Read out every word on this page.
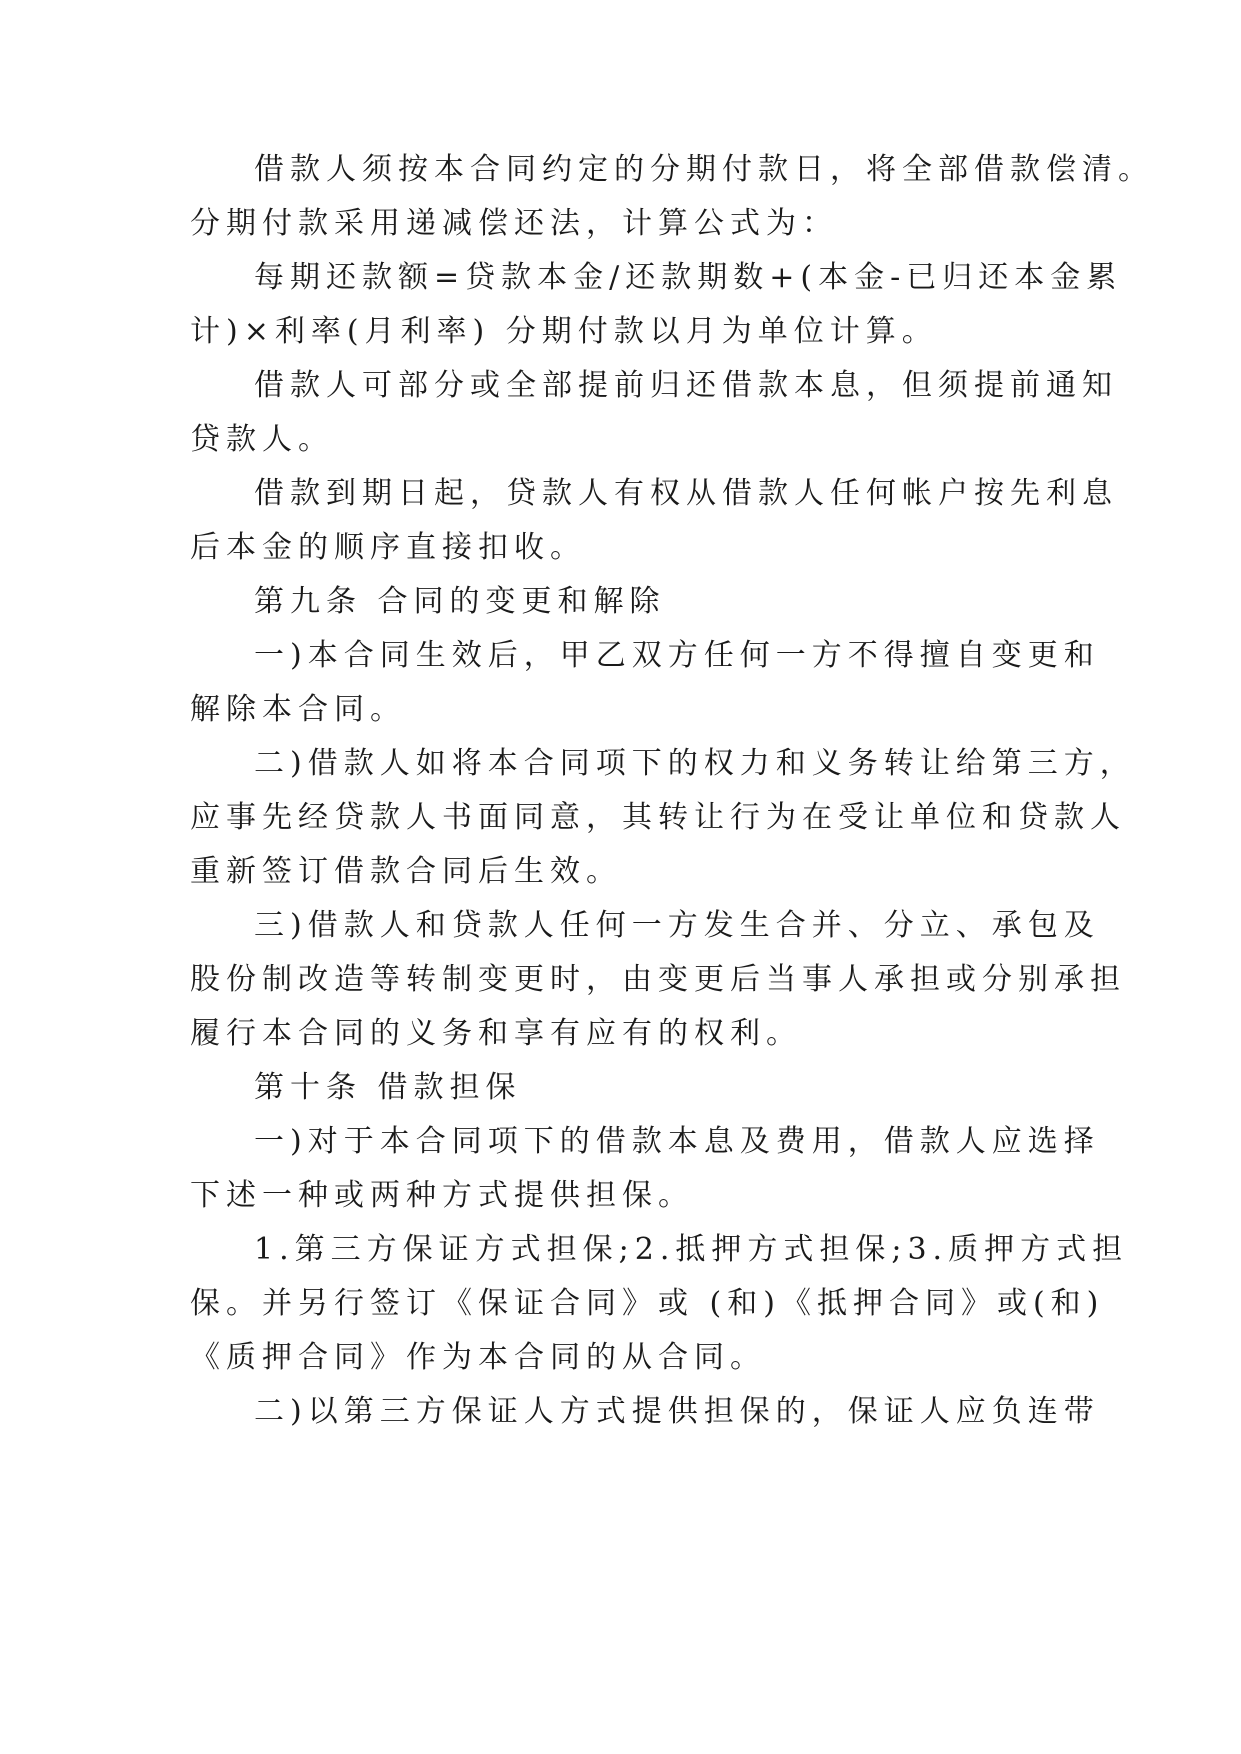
借款人须按本合同约定的分期付款日，将全部借款偿清。
分期付款采用递减偿还法，计算公式为：
每期还款额=贷款本金/还款期数+(本金-已归还本金累
计)×利率(月利率) 分期付款以月为单位计算。
借款人可部分或全部提前归还借款本息，但须提前通知
贷款人。
借款到期日起，贷款人有权从借款人任何帐户按先利息
后本金的顺序直接扣收。
第九条 合同的变更和解除
一)本合同生效后，甲乙双方任何一方不得擅自变更和
解除本合同。
二)借款人如将本合同项下的权力和义务转让给第三方，
应事先经贷款人书面同意，其转让行为在受让单位和贷款人
重新签订借款合同后生效。
三)借款人和贷款人任何一方发生合并、分立、承包及
股份制改造等转制变更时，由变更后当事人承担或分别承担
履行本合同的义务和享有应有的权利。
第十条 借款担保
一)对于本合同项下的借款本息及费用，借款人应选择
下述一种或两种方式提供担保。
1.第三方保证方式担保;2.抵押方式担保;3.质押方式担
保。并另行签订《保证合同》或 (和)《抵押合同》或(和)
《质押合同》作为本合同的从合同。
二)以第三方保证人方式提供担保的，保证人应负连带
